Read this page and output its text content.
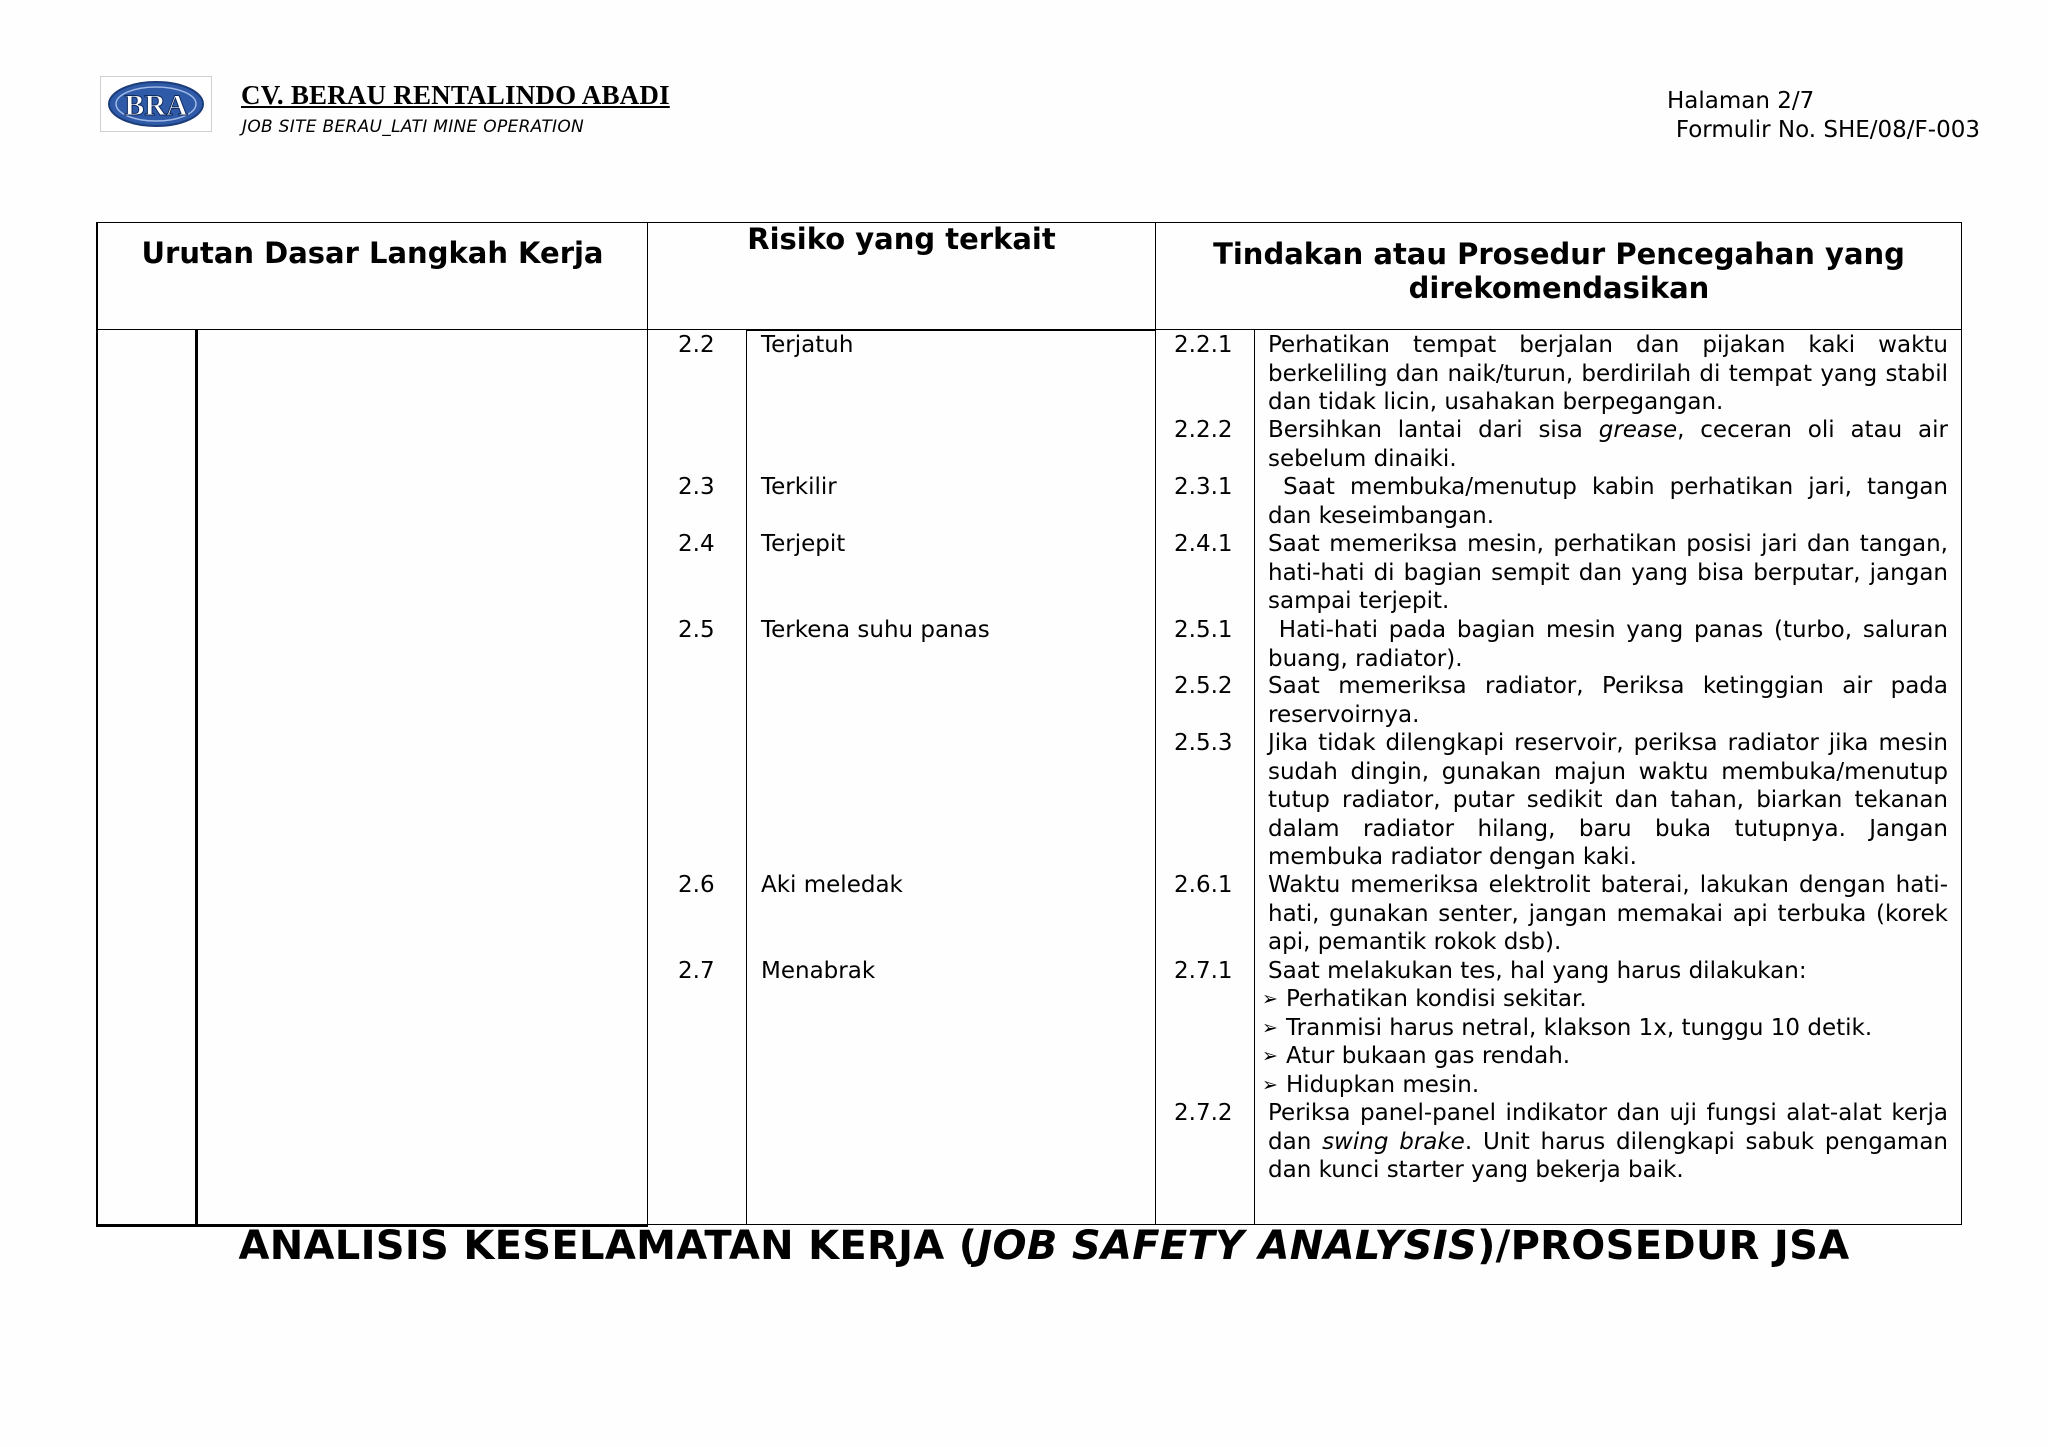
BRA CV. BERAU RENTALINDO ABADI
JOB SITE BERAU_LATI MINE OPERATION
Halaman 2/7
Formulir No. SHE/08/F-003
Urutan Dasar Langkah Kerja	Risiko yang terkait	Tindakan atau Prosedur Pencegahan yang direkomendasikan
2.2 Terjatuh
2.3 Terkilir
2.4 Terjepit
2.5 Terkena suhu panas
2.6 Aki meledak
2.7 Menabrak
2.2.1 Perhatikan tempat berjalan dan pijakan kaki waktu berkeliling dan naik/turun, berdirilah di tempat yang stabil dan tidak licin, usahakan berpegangan.
2.2.2 Bersihkan lantai dari sisa grease, ceceran oli atau air sebelum dinaiki.
2.3.1 Saat membuka/menutup kabin perhatikan jari, tangan dan keseimbangan.
2.4.1 Saat memeriksa mesin, perhatikan posisi jari dan tangan, hati-hati di bagian sempit dan yang bisa berputar, jangan sampai terjepit.
2.5.1 Hati-hati pada bagian mesin yang panas (turbo, saluran buang, radiator).
2.5.2 Saat memeriksa radiator, Periksa ketinggian air pada reservoirnya.
2.5.3 Jika tidak dilengkapi reservoir, periksa radiator jika mesin sudah dingin, gunakan majun waktu membuka/menutup tutup radiator, putar sedikit dan tahan, biarkan tekanan dalam radiator hilang, baru buka tutupnya. Jangan membuka radiator dengan kaki.
2.6.1 Waktu memeriksa elektrolit baterai, lakukan dengan hati-hati, gunakan senter, jangan memakai api terbuka (korek api, pemantik rokok dsb).
2.7.1 Saat melakukan tes, hal yang harus dilakukan:
➢ Perhatikan kondisi sekitar.
➢ Tranmisi harus netral, klakson 1x, tunggu 10 detik.
➢ Atur bukaan gas rendah.
➢ Hidupkan mesin.
2.7.2 Periksa panel-panel indikator dan uji fungsi alat-alat kerja dan swing brake. Unit harus dilengkapi sabuk pengaman dan kunci starter yang bekerja baik.
ANALISIS KESELAMATAN KERJA (JOB SAFETY ANALYSIS)/PROSEDUR JSA
